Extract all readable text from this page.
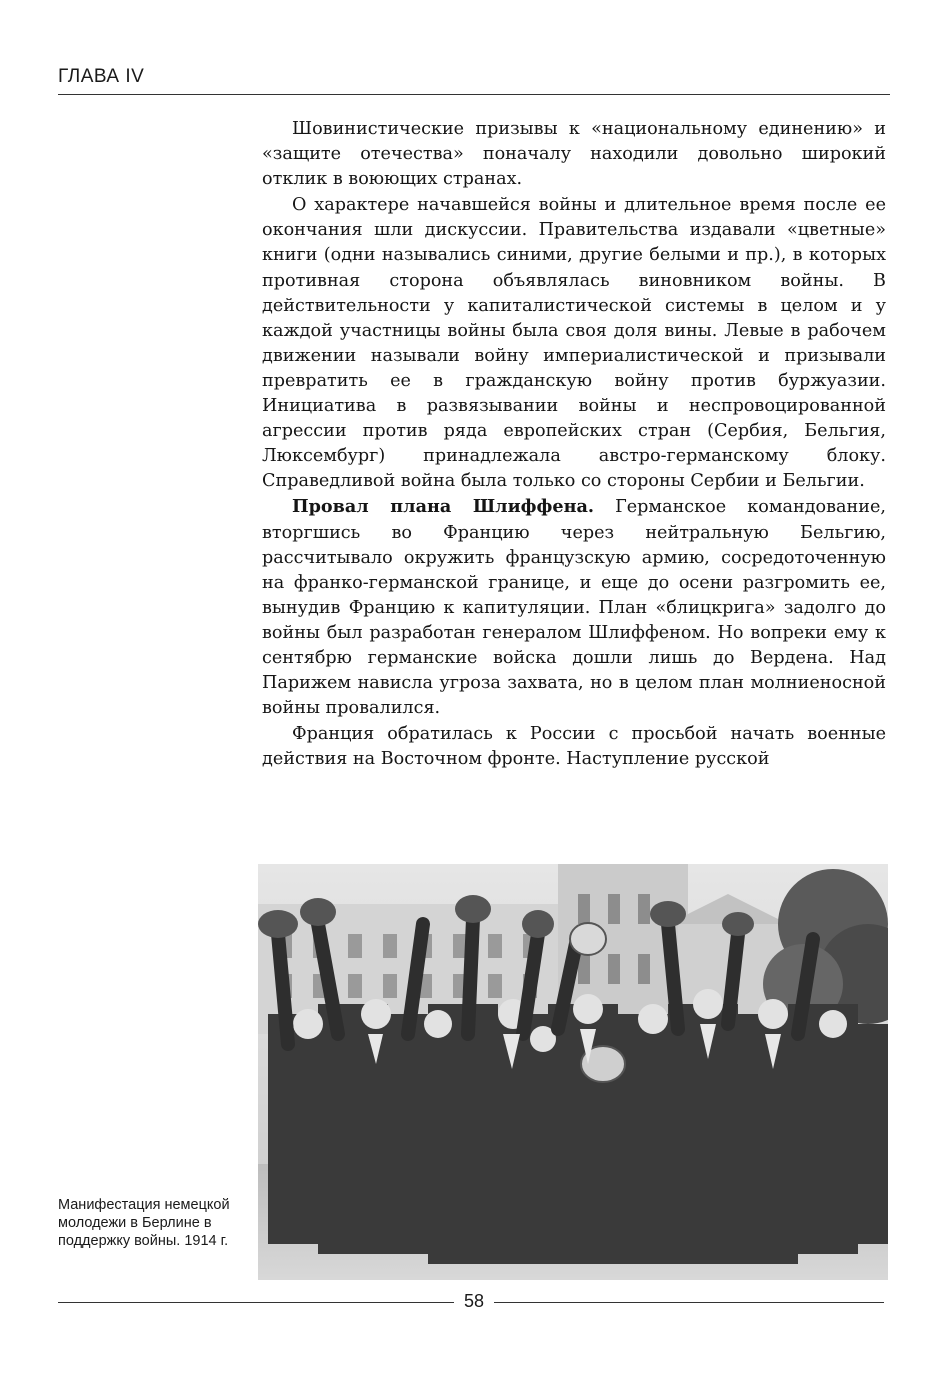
ГЛАВА IV

Шовинистические призывы к «национальному единению» и «защите отечества» поначалу находили довольно широкий отклик в воюющих странах.

О характере начавшейся войны и длительное время после ее окончания шли дискуссии. Правительства издавали «цветные» книги (одни назывались синими, другие белыми и пр.), в которых противная сторона объявлялась виновником войны. В действительности у капиталистической системы в целом и у каждой участницы войны была своя доля вины. Левые в рабочем движении называли войну империалистической и призывали превратить ее в гражданскую войну против буржуазии. Инициатива в развязывании войны и неспровоцированной агрессии против ряда европейских стран (Сербия, Бельгия, Люксембург) принадлежала австро-германскому блоку. Справедливой война была только со стороны Сербии и Бельгии.

Провал плана Шлиффена. Германское командование, вторгшись во Францию через нейтральную Бельгию, рассчитывало окружить французскую армию, сосредоточенную на франко-германской границе, и еще до осени разгромить ее, вынудив Францию к капитуляции. План «блицкрига» задолго до войны был разработан генералом Шлиффеном. Но вопреки ему к сентябрю германские войска дошли лишь до Вердена. Над Парижем нависла угроза захвата, но в целом план молниеносной войны провалился.

Франция обратилась к России с просьбой начать военные действия на Восточном фронте. Наступление русской

Манифестация немецкой молодежи в Берлине в поддержку войны. 1914 г.
58
